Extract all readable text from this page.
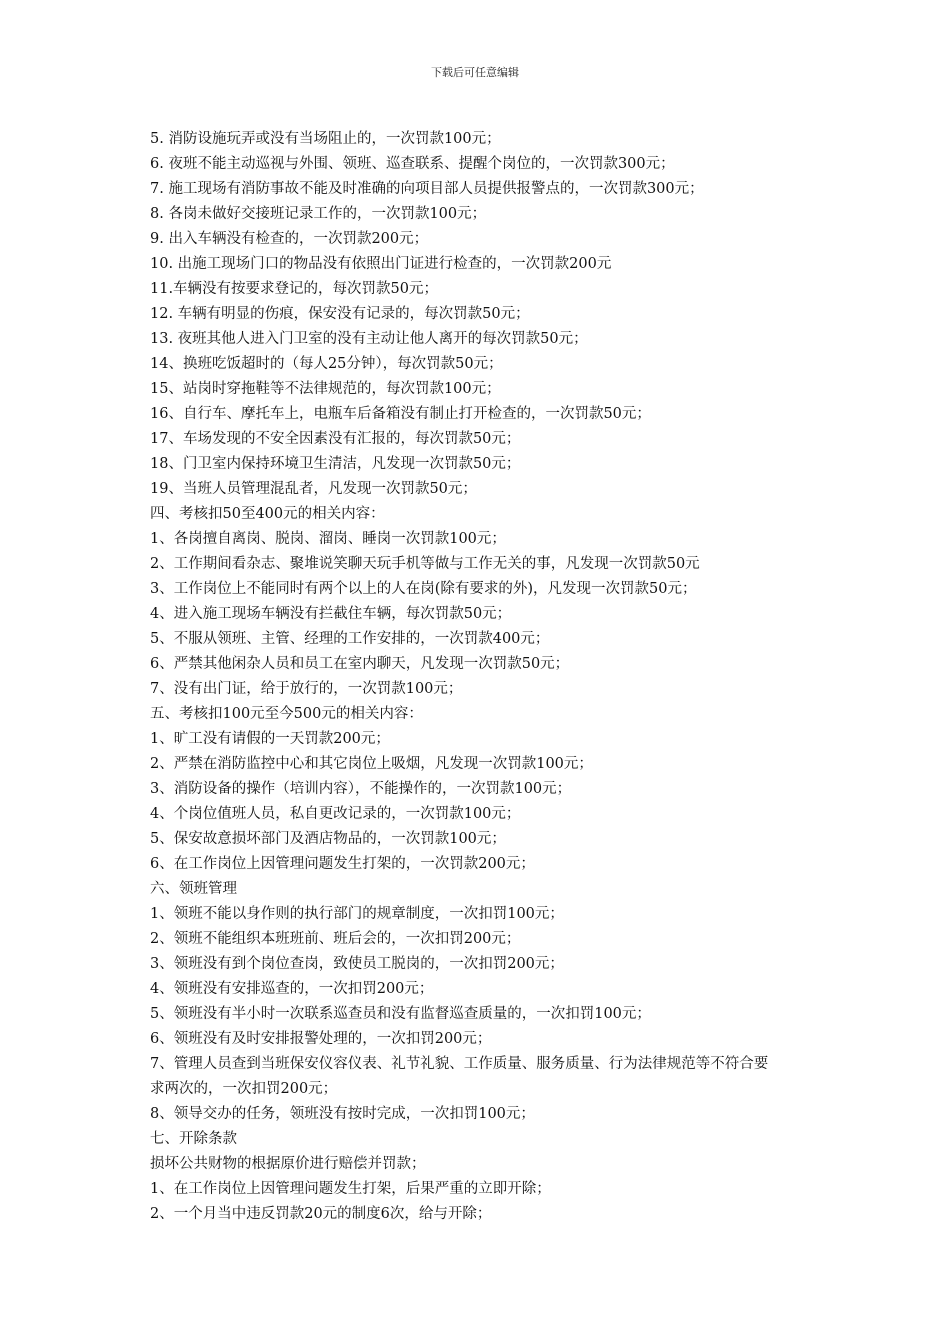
下载后可任意编辑
5. 消防设施玩弄或没有当场阻止的，一次罚款100元；
6. 夜班不能主动巡视与外围、领班、巡查联系、提醒个岗位的，一次罚款300元；
7. 施工现场有消防事故不能及时准确的向项目部人员提供报警点的，一次罚款300元；
8. 各岗未做好交接班记录工作的，一次罚款100元；
9. 出入车辆没有检查的，一次罚款200元；
10. 出施工现场门口的物品没有依照出门证进行检查的，一次罚款200元
11.车辆没有按要求登记的，每次罚款50元；
12. 车辆有明显的伤痕，保安没有记录的，每次罚款50元；
13. 夜班其他人进入门卫室的没有主动让他人离开的每次罚款50元；
14、换班吃饭超时的（每人25分钟），每次罚款50元；
15、站岗时穿拖鞋等不法律规范的，每次罚款100元；
16、自行车、摩托车上，电瓶车后备箱没有制止打开检查的，一次罚款50元；
17、车场发现的不安全因素没有汇报的，每次罚款50元；
18、门卫室内保持环境卫生清洁，凡发现一次罚款50元；
19、当班人员管理混乱者，凡发现一次罚款50元；
四、考核扣50至400元的相关内容：
1、各岗擅自离岗、脱岗、溜岗、睡岗一次罚款100元；
2、工作期间看杂志、聚堆说笑聊天玩手机等做与工作无关的事，凡发现一次罚款50元
3、工作岗位上不能同时有两个以上的人在岗(除有要求的外)，凡发现一次罚款50元；
4、进入施工现场车辆没有拦截住车辆，每次罚款50元；
5、不服从领班、主管、经理的工作安排的，一次罚款400元；
6、严禁其他闲杂人员和员工在室内聊天，凡发现一次罚款50元；
7、没有出门证，给于放行的，一次罚款100元；
五、考核扣100元至今500元的相关内容：
1、旷工没有请假的一天罚款200元；
2、严禁在消防监控中心和其它岗位上吸烟，凡发现一次罚款100元；
3、消防设备的操作（培训内容），不能操作的，一次罚款100元；
4、个岗位值班人员，私自更改记录的，一次罚款100元；
5、保安故意损坏部门及酒店物品的，一次罚款100元；
6、在工作岗位上因管理问题发生打架的，一次罚款200元；
六、领班管理
1、领班不能以身作则的执行部门的规章制度，一次扣罚100元；
2、领班不能组织本班班前、班后会的，一次扣罚200元；
3、领班没有到个岗位查岗，致使员工脱岗的，一次扣罚200元；
4、领班没有安排巡查的，一次扣罚200元；
5、领班没有半小时一次联系巡查员和没有监督巡查质量的，一次扣罚100元；
6、领班没有及时安排报警处理的，一次扣罚200元；
7、管理人员查到当班保安仪容仪表、礼节礼貌、工作质量、服务质量、行为法律规范等不符合要
求两次的，一次扣罚200元；
8、领导交办的任务，领班没有按时完成，一次扣罚100元；
七、开除条款
损坏公共财物的根据原价进行赔偿并罚款；
1、在工作岗位上因管理问题发生打架，后果严重的立即开除；
2、一个月当中违反罚款20元的制度6次，给与开除；
